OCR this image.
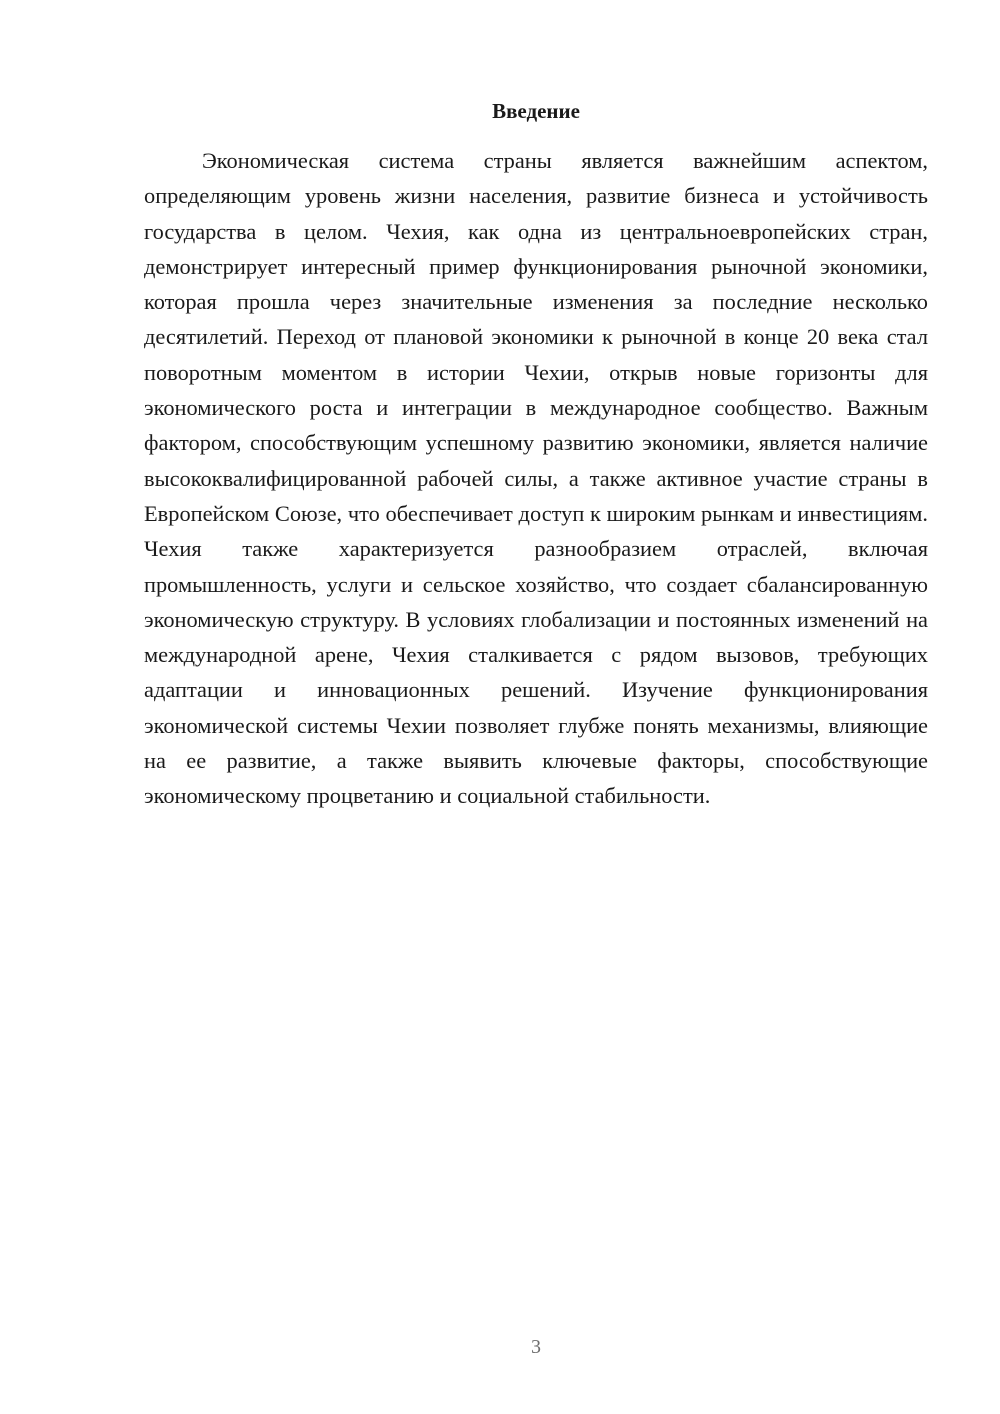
Введение

Экономическая система страны является важнейшим аспектом, определяющим уровень жизни населения, развитие бизнеса и устойчивость государства в целом. Чехия, как одна из центральноевропейских стран, демонстрирует интересный пример функционирования рыночной экономики, которая прошла через значительные изменения за последние несколько десятилетий. Переход от плановой экономики к рыночной в конце 20 века стал поворотным моментом в истории Чехии, открыв новые горизонты для экономического роста и интеграции в международное сообщество. Важным фактором, способствующим успешному развитию экономики, является наличие высококвалифицированной рабочей силы, а также активное участие страны в Европейском Союзе, что обеспечивает доступ к широким рынкам и инвестициям. Чехия также характеризуется разнообразием отраслей, включая промышленность, услуги и сельское хозяйство, что создает сбалансированную экономическую структуру. В условиях глобализации и постоянных изменений на международной арене, Чехия сталкивается с рядом вызовов, требующих адаптации и инновационных решений. Изучение функционирования экономической системы Чехии позволяет глубже понять механизмы, влияющие на ее развитие, а также выявить ключевые факторы, способствующие экономическому процветанию и социальной стабильности.

3
